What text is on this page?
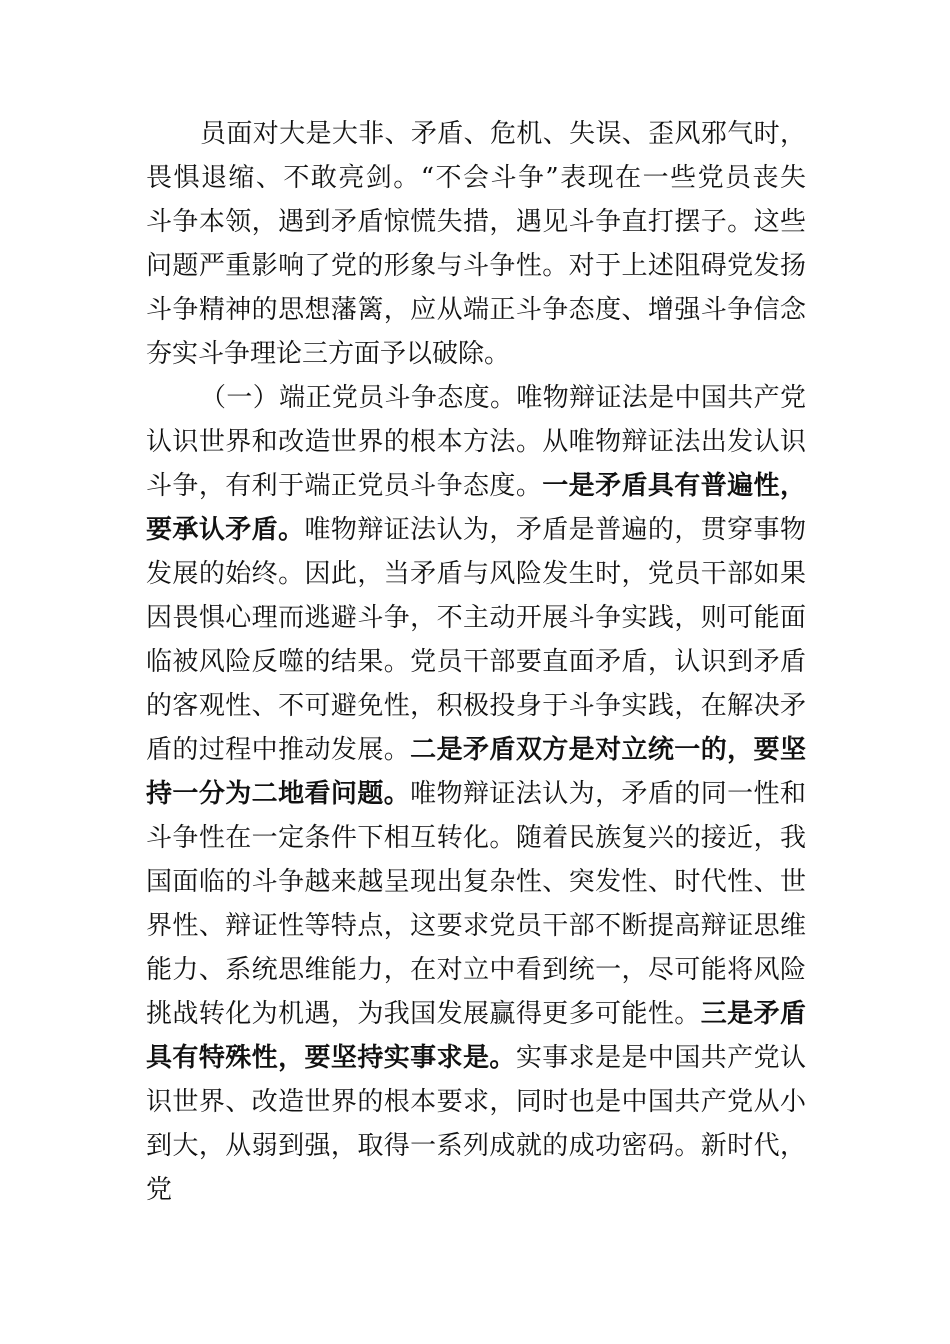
员面对大是大非、矛盾、危机、失误、歪风邪气时，
畏惧退缩、不敢亮剑。“不会斗争”表现在一些党员丧失
斗争本领，遇到矛盾惊慌失措，遇见斗争直打摆子。这些
问题严重影响了党的形象与斗争性。对于上述阻碍党发扬
斗争精神的思想藩篱，应从端正斗争态度、增强斗争信念
夯实斗争理论三方面予以破除。
（一）端正党员斗争态度。唯物辩证法是中国共产党
认识世界和改造世界的根本方法。从唯物辩证法出发认识
斗争，有利于端正党员斗争态度。一是矛盾具有普遍性，
要承认矛盾。唯物辩证法认为，矛盾是普遍的，贯穿事物
发展的始终。因此，当矛盾与风险发生时，党员干部如果
因畏惧心理而逃避斗争，不主动开展斗争实践，则可能面
临被风险反噬的结果。党员干部要直面矛盾，认识到矛盾
的客观性、不可避免性，积极投身于斗争实践，在解决矛
盾的过程中推动发展。二是矛盾双方是对立统一的，要坚
持一分为二地看问题。唯物辩证法认为，矛盾的同一性和
斗争性在一定条件下相互转化。随着民族复兴的接近，我
国面临的斗争越来越呈现出复杂性、突发性、时代性、世
界性、辩证性等特点，这要求党员干部不断提高辩证思维
能力、系统思维能力，在对立中看到统一，尽可能将风险
挑战转化为机遇，为我国发展赢得更多可能性。三是矛盾
具有特殊性，要坚持实事求是。实事求是是中国共产党认
识世界、改造世界的根本要求，同时也是中国共产党从小
到大，从弱到强，取得一系列成就的成功密码。新时代，
党
